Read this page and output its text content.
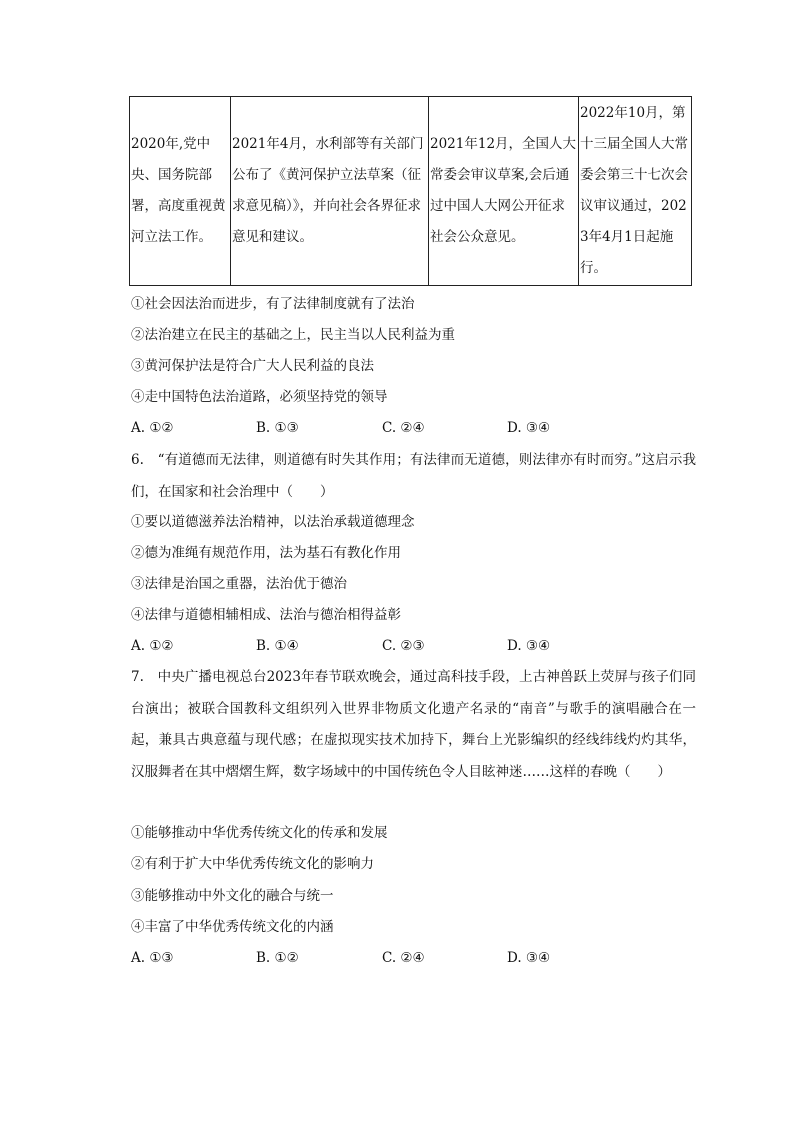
2020年,党中央、国务院部署，高度重视黄河立法工作。	2021年4月，水利部等有关部门公布了《黄河保护立法草案（征求意见稿）》，并向社会各界征求意见和建议。	2021年12月，全国人大常委会审议草案,会后通过中国人大网公开征求社会公众意见。	2022年10月，第十三届全国人大常委会第三十七次会议审议通过，2023年4月1日起施行。
①社会因法治而进步，有了法律制度就有了法治
②法治建立在民主的基础之上，民主当以人民利益为重
③黄河保护法是符合广大人民利益的良法
④走中国特色法治道路，必须坚持党的领导
A. ①②	B. ①③	C. ②④	D. ③④
6.　“有道德而无法律，则道德有时失其作用；有法律而无道德，则法律亦有时而穷。”这启示我们，在国家和社会治理中（　　）
①要以道德滋养法治精神，以法治承载道德理念
②德为准绳有规范作用，法为基石有教化作用
③法律是治国之重器，法治优于德治
④法律与道德相辅相成、法治与德治相得益彰
A. ①②	B. ①④	C. ②③	D. ③④
7.　中央广播电视总台2023年春节联欢晚会，通过高科技手段，上古神兽跃上荧屏与孩子们同台演出；被联合国教科文组织列入世界非物质文化遗产名录的“南音”与歌手的演唱融合在一起，兼具古典意蕴与现代感；在虚拟现实技术加持下，舞台上光影编织的经线纬线灼灼其华，汉服舞者在其中熠熠生辉，数字场域中的中国传统色令人目眩神迷……这样的春晚（　　）
①能够推动中华优秀传统文化的传承和发展
②有利于扩大中华优秀传统文化的影响力
③能够推动中外文化的融合与统一
④丰富了中华优秀传统文化的内涵
A. ①③	B. ①②	C. ②④	D. ③④
